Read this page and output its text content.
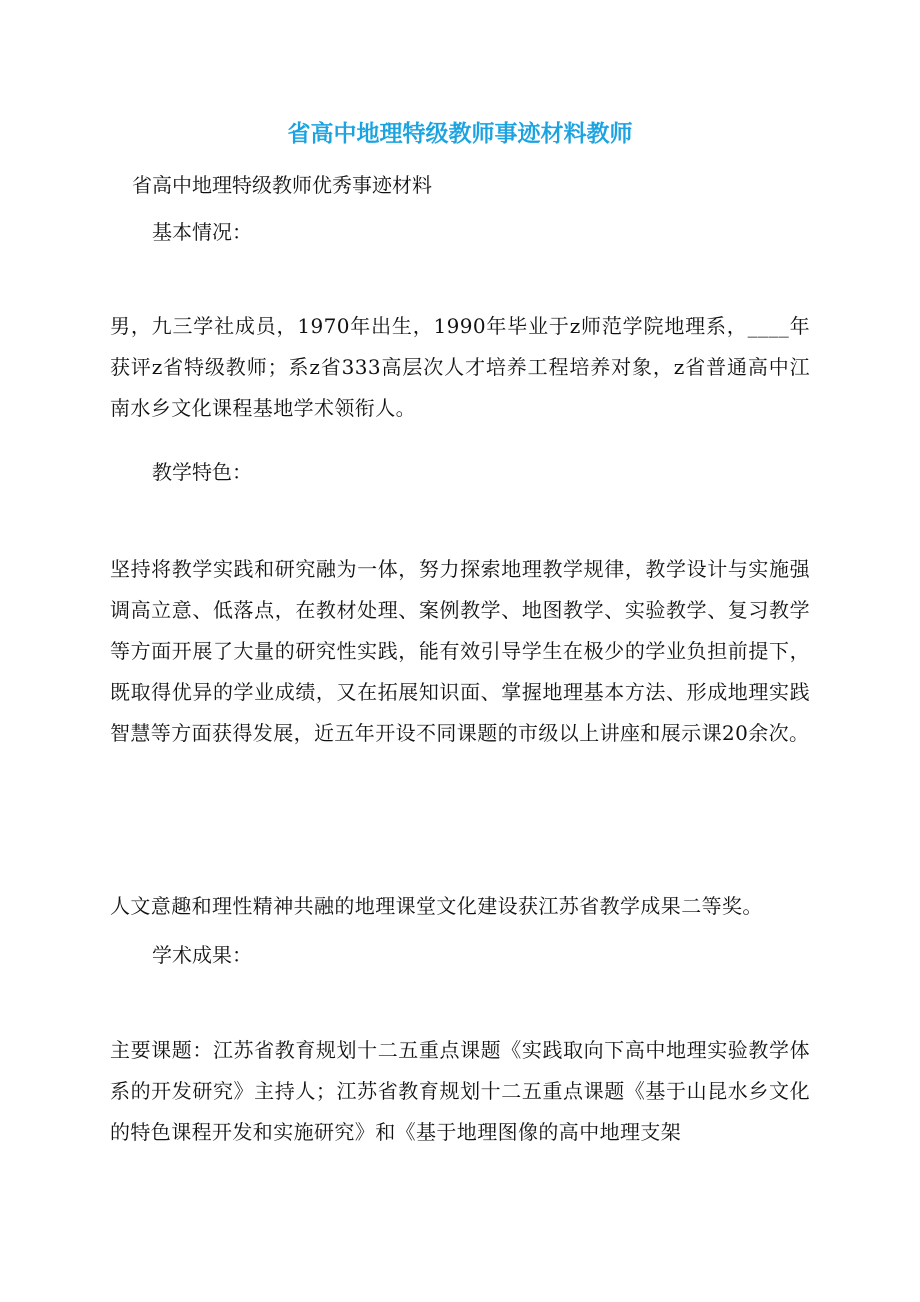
省高中地理特级教师事迹材料教师

省高中地理特级教师优秀事迹材料

基本情况：

男，九三学社成员，1970年出生，1990年毕业于z师范学院地理系，____年获评z省特级教师；系z省333高层次人才培养工程培养对象，z省普通高中江南水乡文化课程基地学术领衔人。

教学特色：

坚持将教学实践和研究融为一体，努力探索地理教学规律，教学设计与实施强调高立意、低落点，在教材处理、案例教学、地图教学、实验教学、复习教学等方面开展了大量的研究性实践，能有效引导学生在极少的学业负担前提下，既取得优异的学业成绩，又在拓展知识面、掌握地理基本方法、形成地理实践智慧等方面获得发展，近五年开设不同课题的市级以上讲座和展示课20余次。

人文意趣和理性精神共融的地理课堂文化建设获江苏省教学成果二等奖。

学术成果：

主要课题：江苏省教育规划十二五重点课题《实践取向下高中地理实验教学体系的开发研究》主持人；江苏省教育规划十二五重点课题《基于山昆水乡文化的特色课程开发和实施研究》和《基于地理图像的高中地理支架
